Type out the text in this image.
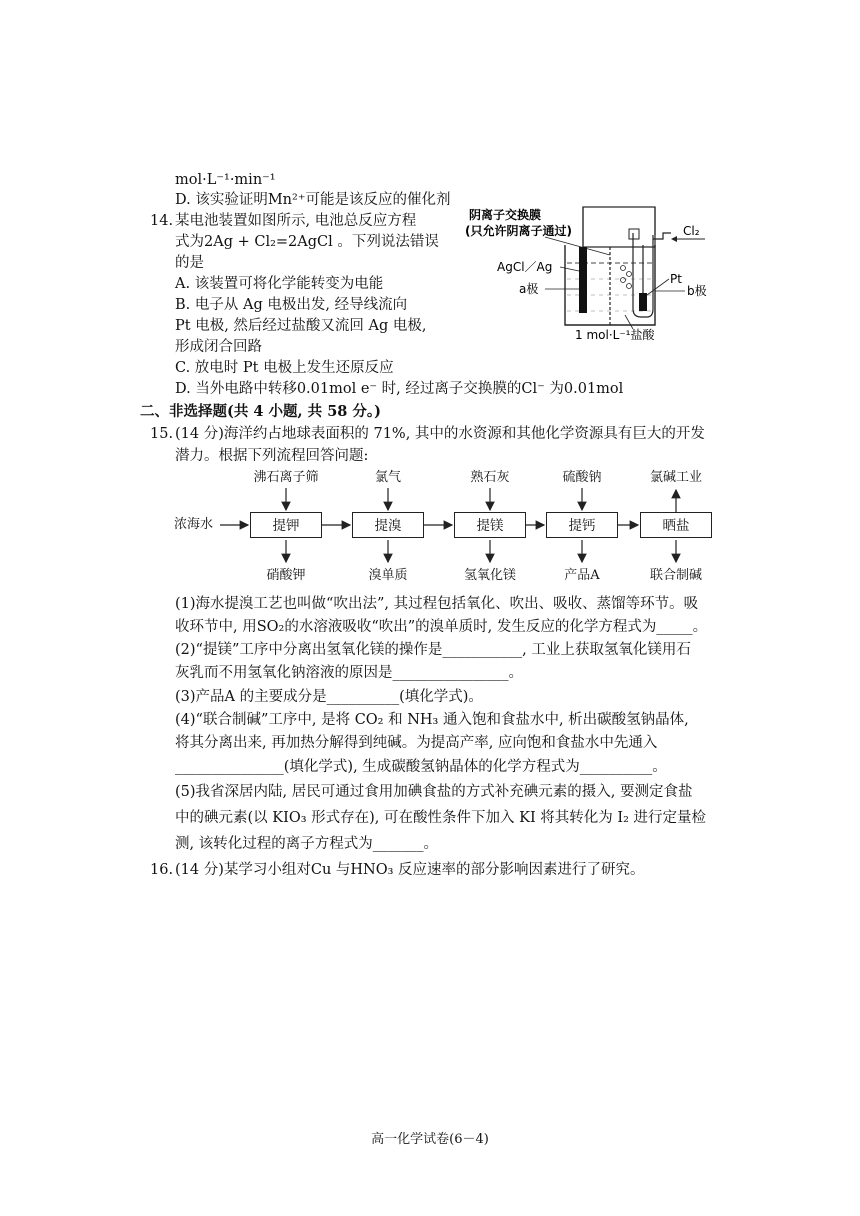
mol·L⁻¹·min⁻¹
D. 该实验证明Mn²⁺可能是该反应的催化剂
14. 某电池装置如图所示, 电池总反应方程
式为2Ag + Cl₂=2AgCl 。下列说法错误
的是
A. 该装置可将化学能转变为电能
B. 电子从 Ag 电极出发, 经导线流向
Pt 电极, 然后经过盐酸又流回 Ag 电极,
形成闭合回路
C. 放电时 Pt 电极上发生还原反应
D. 当外电路中转移0.01mol e⁻ 时, 经过离子交换膜的Cl⁻ 为0.01mol
阴离子交换膜
(只允许阴离子通过)	Cl₂
AgCl／Ag
a极
Pt
b极
1 mol·L⁻¹盐酸
二、非选择题(共 4 小题, 共 58 分。)
15. (14 分)海洋约占地球表面积的 71%, 其中的水资源和其他化学资源具有巨大的开发
潜力。根据下列流程回答问题:
浓海水	提钾	提溴	提镁	提钙	晒盐
沸石离子筛	氯气	熟石灰	硫酸钠	氯碱工业
硝酸钾	溴单质	氢氧化镁	产品A	联合制碱
(1)海水提溴工艺也叫做“吹出法”, 其过程包括氧化、吹出、吸收、蒸馏等环节。吸
收环节中, 用SO₂的水溶液吸收“吹出”的溴单质时, 发生反应的化学方程式为_____。
(2)“提镁”工序中分离出氢氧化镁的操作是___________, 工业上获取氢氧化镁用石
灰乳而不用氢氧化钠溶液的原因是________________。
(3)产品A 的主要成分是__________(填化学式)。
(4)“联合制碱”工序中, 是将 CO₂ 和 NH₃ 通入饱和食盐水中, 析出碳酸氢钠晶体,
将其分离出来, 再加热分解得到纯碱。为提高产率, 应向饱和食盐水中先通入
_______________(填化学式), 生成碳酸氢钠晶体的化学方程式为__________。
(5)我省深居内陆, 居民可通过食用加碘食盐的方式补充碘元素的摄入, 要测定食盐
中的碘元素(以 KIO₃ 形式存在), 可在酸性条件下加入 KI 将其转化为 I₂ 进行定量检
测, 该转化过程的离子方程式为_______。
16. (14 分)某学习小组对Cu 与HNO₃ 反应速率的部分影响因素进行了研究。
高一化学试卷(6－4)
